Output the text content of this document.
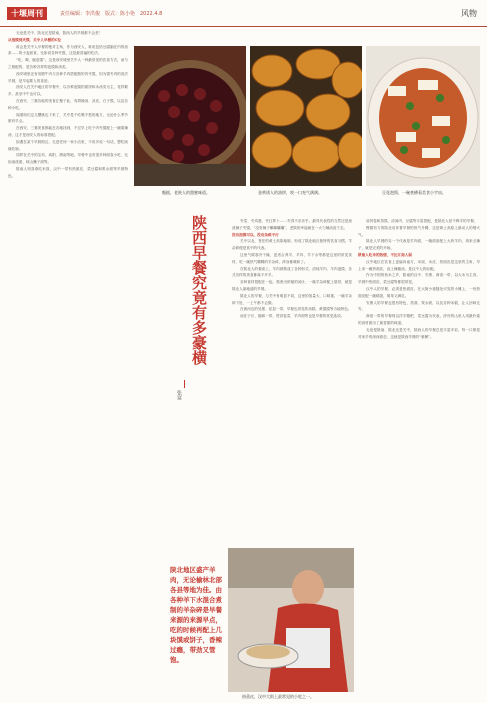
十堰周刊	责任编辑：李洪俊　版式：陈小艳　2022.4.8	风物

无论是关中、陕北还是陕南，陕西人的早餐都不会差！

从泡馍到夹馍，关中人早餐的C位

谁会是关中人早餐的绝对主角，作为西安人，谁说包括豆腐脑在内的油条……的小麦面食，比如说各种夹馍，这是最普遍的吃法。

“吃，喝，碗泡馍”。这是西安城里关中人一种最常见的饮食方式，而与之相配的，是各种各样的泡馍和汤类。

西安城里还有用腊牛肉与各种羊肉搭配做的肉夹馍，因为馍夹肉的食法早餐，是早起要人的喜爱。

西安人在关中地区的早餐中，以各种泡馍的面饼和米汤类为主，花样繁多，甚至中午也可以。

在西安，三秦各地的美食汇聚于此，有胡辣汤、凉皮，石子馍，以及各种小吃。

闻道咱们这儿樱桃也下来了，关中是个吃喝不愁的地方，无论什么季节都有早点。

在西安，三秦美食都能在各地找到，不过早上吃个肉夹馍配上一碗胡辣汤，这才是西安人的标准搭配。

如遇在某个早晨街边，走进任何一家小店里，不用多说一句话，想吃啥就吃啥。

同样在关中的宝鸡、咸阳、渭南等地，早餐中也有很多种面食小吃，比如油泼面、岐山臊子面等。

陕南人则喜欢吃米饭，汉中一带有热面皮，菜豆腐和浆水面等早餐特色。

甑糕，老陕人的甜蜜味道。	金黄诱人的油饼，咬一口充气满满。	豆花泡馍，一碗豪横看美食小宇宙。
陕西早餐究竟有多豪横
张富

夹菜、夹鸡蛋，夹红萝卜……夹得不亦乐乎。最具代表性的当然还是油泼辣子夹馍，“没有辣子嘟嘟囔囔”，老陕的幸福就在一大勺辣油浇下去。

没有泡馍可以，没有杂碎不行

关中以北，苍茫的黄土高原地貌，形成了陕北地区独特的饮食习惯。羊杂碎便是其中的代表。

这里气候寒冷干燥，更适合养羊，羊肉、羊下水等都是这里的常见食材，吃一碗热气腾腾的羊杂碎，浑身都暖和了。

在陕北人的餐桌上，羊肉被做成了各种形式，清炖羊肉、羊肉泡馍，各式各样的美食都离不开羊。

各种食材搭配在一起，熬煮出浓郁的汤汁，一碗羊杂碎配上烙饼，就是陕北人最地道的早餐。

陕北人的早餐，与关中有明显不同，这里的饭量大、口味重，一碗羊杂碎下肚，一上午都不会饿。

在黄河边的吴堡、佳县一带，早餐也常见炸油糕、黄馍馍等当地特色。

而在子长、榆林一带，煎饼卷菜、羊肉面等也是早餐的常见选项。

前饼卷和蒸馍，清汤肉、豆腐等丰富搭配，是陕北人爱不释手的早餐。

铿锵有力的陕北话伴着早餐的热气升腾，这是黄土高原上最动人的烟火气。

陕北人早餐的另一个代表是羊肉面，一碗面条配上大块羊肉，再来点辣子，就是完美的开始。

陕南人吃米的热情，不比江南人弱

汉中地区在饮食上更偏向南方，米饭、米皮、热面皮是这里的主角，早上来一碗热面皮，浇上辣椒油，是汉中人的标配。

作为中国的鱼米之乡，陕南的汉中、安康、商洛一带，以大米为主食，早餐中热面皮、菜豆腐等都很常见。

汉中人的早餐，必须是热面皮，在大街小巷随处可见的小摊上，一份热面皮配一碗稀饭，简单又满足。

安康人的早餐也很有特色，蒸面、浆水面，以及各种米糕，让人回味无穷。

商洛一带的早餐则以洋芋糍粑、菜豆腐为代表，淳朴的山里人用最朴素的食材做出了最香甜的味道。

无论是陕南、陕北还是关中，陕西人的早餐总是丰富多彩，每一口都是对家乡的深深眷恋，这就是陕西早餐的“豪横”。

陕北地区盛产羊肉，无论榆林北部各县等地为佳。由各种羊下水混合煮制的羊杂碎是早餐来源的来源早点，吃的时候再配上几块馍或饼子，香辣过瘾，带劲又管饱。
热蒸皮，汉中大街上最常见的小吃之一。
